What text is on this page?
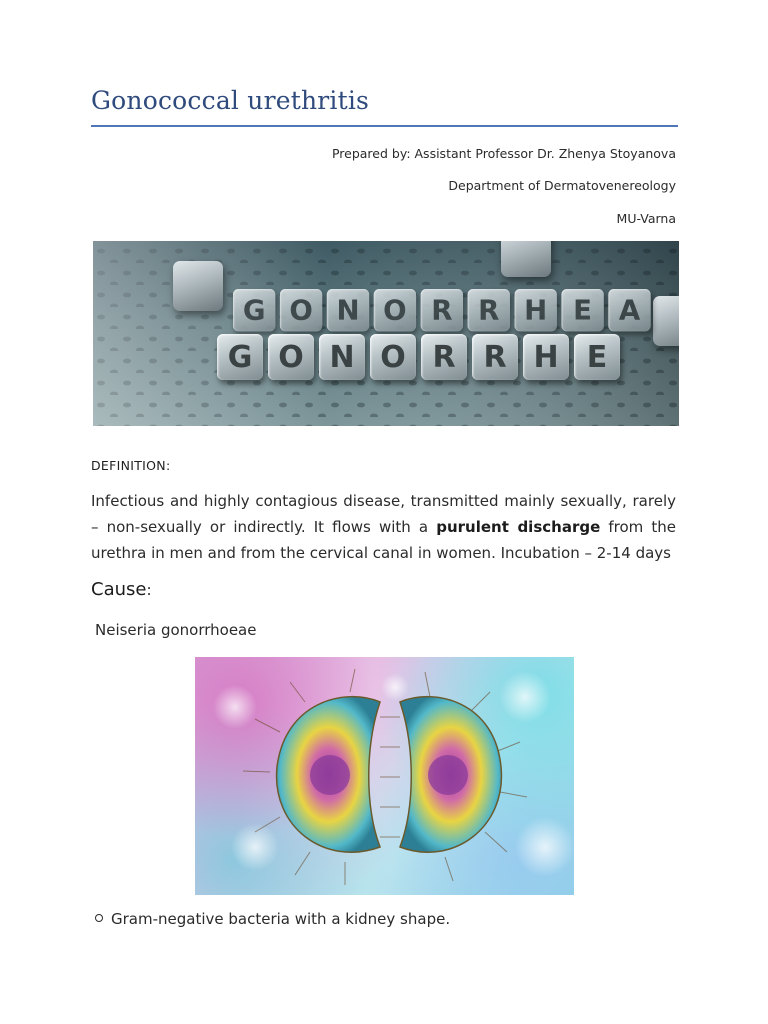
Gonococcal urethritis
Prepared by: Assistant Professor Dr. Zhenya Stoyanova
Department of Dermatovenereology
MU-Varna
G O N O R R H E A
G O N O R R H E
DEFINITION:
Infectious and highly contagious disease, transmitted mainly sexually, rarely – non-sexually or indirectly. It flows with a purulent discharge from the urethra in men and from the cervical canal in women. Incubation – 2-14 days
Cause:
Neiseria gonorrhoeae
Gram-negative bacteria with a kidney shape.
